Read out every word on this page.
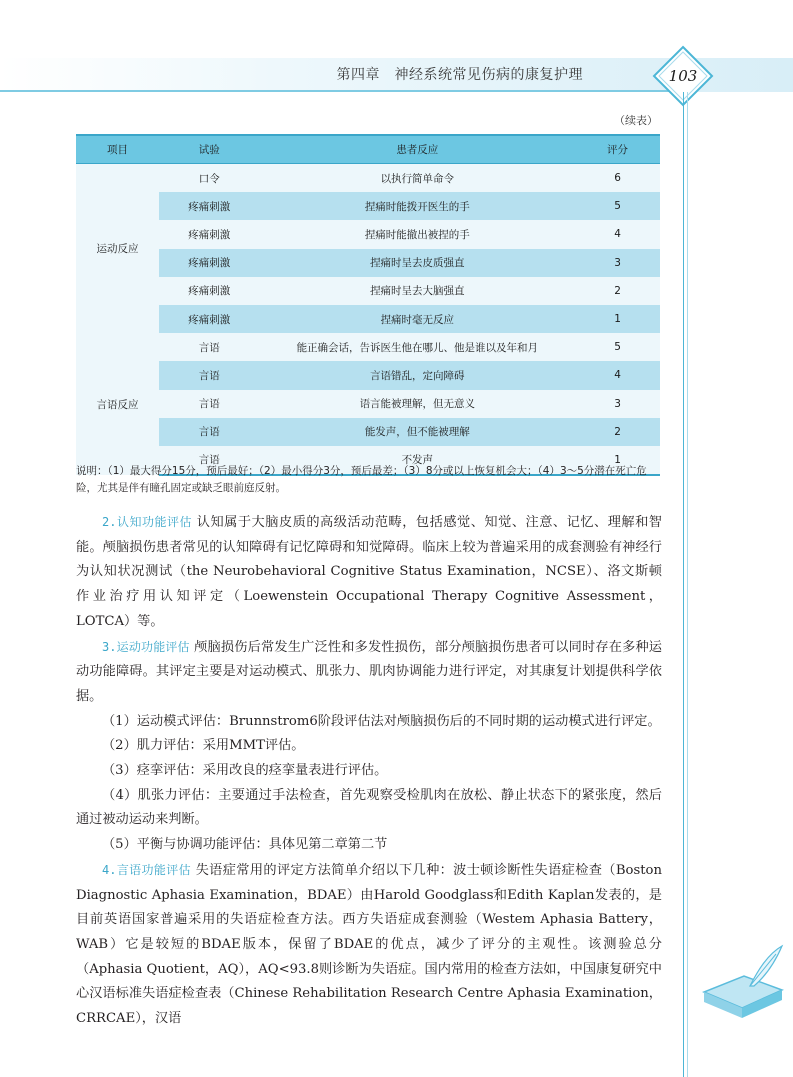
第四章　神经系统常见伤病的康复护理	103
（续表）
项目	试验	患者反应	评分
运动反应	口令	以执行简单命令	6
	疼痛刺激	捏痛时能拨开医生的手	5
	疼痛刺激	捏痛时能撤出被捏的手	4
	疼痛刺激	捏痛时呈去皮质强直	3
	疼痛刺激	捏痛时呈去大脑强直	2
	疼痛刺激	捏痛时毫无反应	1
言语反应	言语	能正确会话，告诉医生他在哪儿、他是谁以及年和月	5
	言语	言语错乱，定向障碍	4
	言语	语言能被理解，但无意义	3
	言语	能发声，但不能被理解	2
	言语	不发声	1
说明：（1）最大得分15分，预后最好；（2）最小得分3分，预后最差；（3）8分或以上恢复机会大；（4）3～5分潜在死亡危险，尤其是伴有瞳孔固定或缺乏眼前庭反射。

2.认知功能评估 认知属于大脑皮质的高级活动范畴，包括感觉、知觉、注意、记忆、理解和智能。颅脑损伤患者常见的认知障碍有记忆障碍和知觉障碍。临床上较为普遍采用的成套测验有神经行为认知状况测试（the Neurobehavioral Cognitive Status Examination，NCSE）、洛文斯顿作业治疗用认知评定（Loewenstein Occupational Therapy Cognitive Assessment，LOTCA）等。

3.运动功能评估 颅脑损伤后常发生广泛性和多发性损伤，部分颅脑损伤患者可以同时存在多种运动功能障碍。其评定主要是对运动模式、肌张力、肌肉协调能力进行评定，对其康复计划提供科学依据。

（1）运动模式评估：Brunnstrom6阶段评估法对颅脑损伤后的不同时期的运动模式进行评定。

（2）肌力评估：采用MMT评估。

（3）痉挛评估：采用改良的痉挛量表进行评估。

（4）肌张力评估：主要通过手法检查，首先观察受检肌肉在放松、静止状态下的紧张度，然后通过被动运动来判断。

（5）平衡与协调功能评估：具体见第二章第二节

4.言语功能评估 失语症常用的评定方法简单介绍以下几种：波士顿诊断性失语症检查（Boston Diagnostic Aphasia Examination，BDAE）由Harold Goodglass和Edith Kaplan发表的，是目前英语国家普遍采用的失语症检查方法。西方失语症成套测验（Westem Aphasia Battery，WAB）它是较短的BDAE版本，保留了BDAE的优点，减少了评分的主观性。该测验总分（Aphasia Quotient，AQ），AQ<93.8则诊断为失语症。国内常用的检查方法如，中国康复研究中心汉语标准失语症检查表（Chinese Rehabilitation Research Centre Aphasia Examination，CRRCAE），汉语
